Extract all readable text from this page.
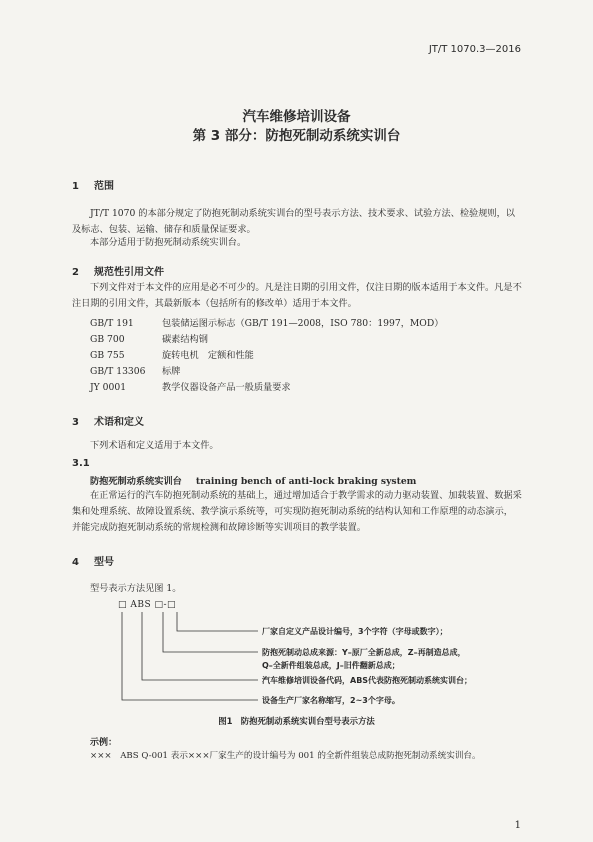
JT/T 1070.3—2016
汽车维修培训设备
第 3 部分：防抱死制动系统实训台
1 范围
JT/T 1070 的本部分规定了防抱死制动系统实训台的型号表示方法、技术要求、试验方法、检验规则，以及标志、包装、运输、储存和质量保证要求。
本部分适用于防抱死制动系统实训台。
2 规范性引用文件
下列文件对于本文件的应用是必不可少的。凡是注日期的引用文件，仅注日期的版本适用于本文件。凡是不注日期的引用文件，其最新版本（包括所有的修改单）适用于本文件。
GB/T 191	包装储运图示标志（GB/T 191—2008，ISO 780：1997，MOD）
GB 700	碳素结构钢
GB 755	旋转电机　定额和性能
GB/T 13306 标牌
JY 0001	教学仪器设备产品一般质量要求
3 术语和定义
下列术语和定义适用于本文件。
3.1
防抱死制动系统实训台 training bench of anti-lock braking system
在正常运行的汽车防抱死制动系统的基础上，通过增加适合于教学需求的动力驱动装置、加载装置、数据采集和处理系统、故障设置系统、教学演示系统等，可实现防抱死制动系统的结构认知和工作原理的动态演示，并能完成防抱死制动系统的常规检测和故障诊断等实训项目的教学装置。
4 型号
型号表示方法见图 1。
□ ABS □-□
厂家自定义产品设计编号，3个字符（字母或数字）；
防抱死制动总成来源：Y–原厂全新总成，Z–再制造总成，
Q–全新件组装总成，J–旧件翻新总成；
汽车维修培训设备代码，ABS代表防抱死制动系统实训台；
设备生产厂家名称缩写，2~3个字母。
图1　防抱死制动系统实训台型号表示方法
示例：
×××　ABS Q-001 表示×××厂家生产的设计编号为 001 的全新件组装总成防抱死制动系统实训台。
1
